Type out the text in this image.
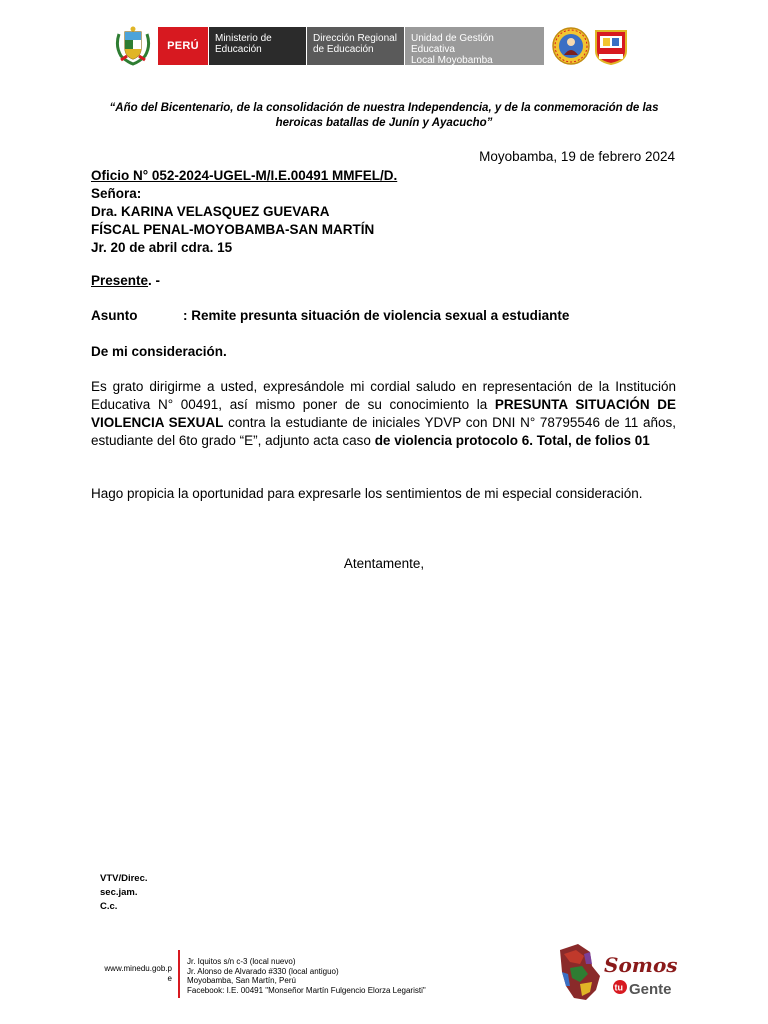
PERÚ
Ministerio de
Educación
Dirección Regional
de Educación
Unidad de Gestión Educativa
Local Moyobamba
“Año del Bicentenario, de la consolidación de nuestra Independencia, y de la conmemoración de las
heroicas batallas de Junín y Ayacucho”
Moyobamba, 19 de febrero 2024
Oficio N° 052-2024-UGEL-M/I.E.00491 MMFEL/D.
Señora:
Dra. KARINA VELASQUEZ GUEVARA
FÍSCAL PENAL-MOYOBAMBA-SAN MARTÍN
Jr. 20 de abril cdra. 15
Presente. -
Asunto	: Remite presunta situación de violencia sexual a estudiante
De mi consideración.
Es grato dirigirme a usted, expresándole mi cordial saludo en representación de la Institución Educativa N° 00491, así mismo poner de su conocimiento la PRESUNTA SITUACIÓN DE VIOLENCIA SEXUAL contra la estudiante de iniciales YDVP con DNI N° 78795546 de 11 años, estudiante del 6to grado “E”, adjunto acta caso de violencia protocolo 6. Total, de folios 01
Hago propicia la oportunidad para expresarle los sentimientos de mi especial consideración.
Atentamente,
VTV/Direc.
sec.jam.
C.c.
www.minedu.gob.p
e
Jr. Iquitos s/n c-3 (local nuevo)
Jr. Alonso de Alvarado #330 (local antiguo)
Moyobamba, San Martín, Perú
Facebook: I.E. 00491 "Monseñor Martín Fulgencio Elorza Legaristi"
Somos
tu Gente
